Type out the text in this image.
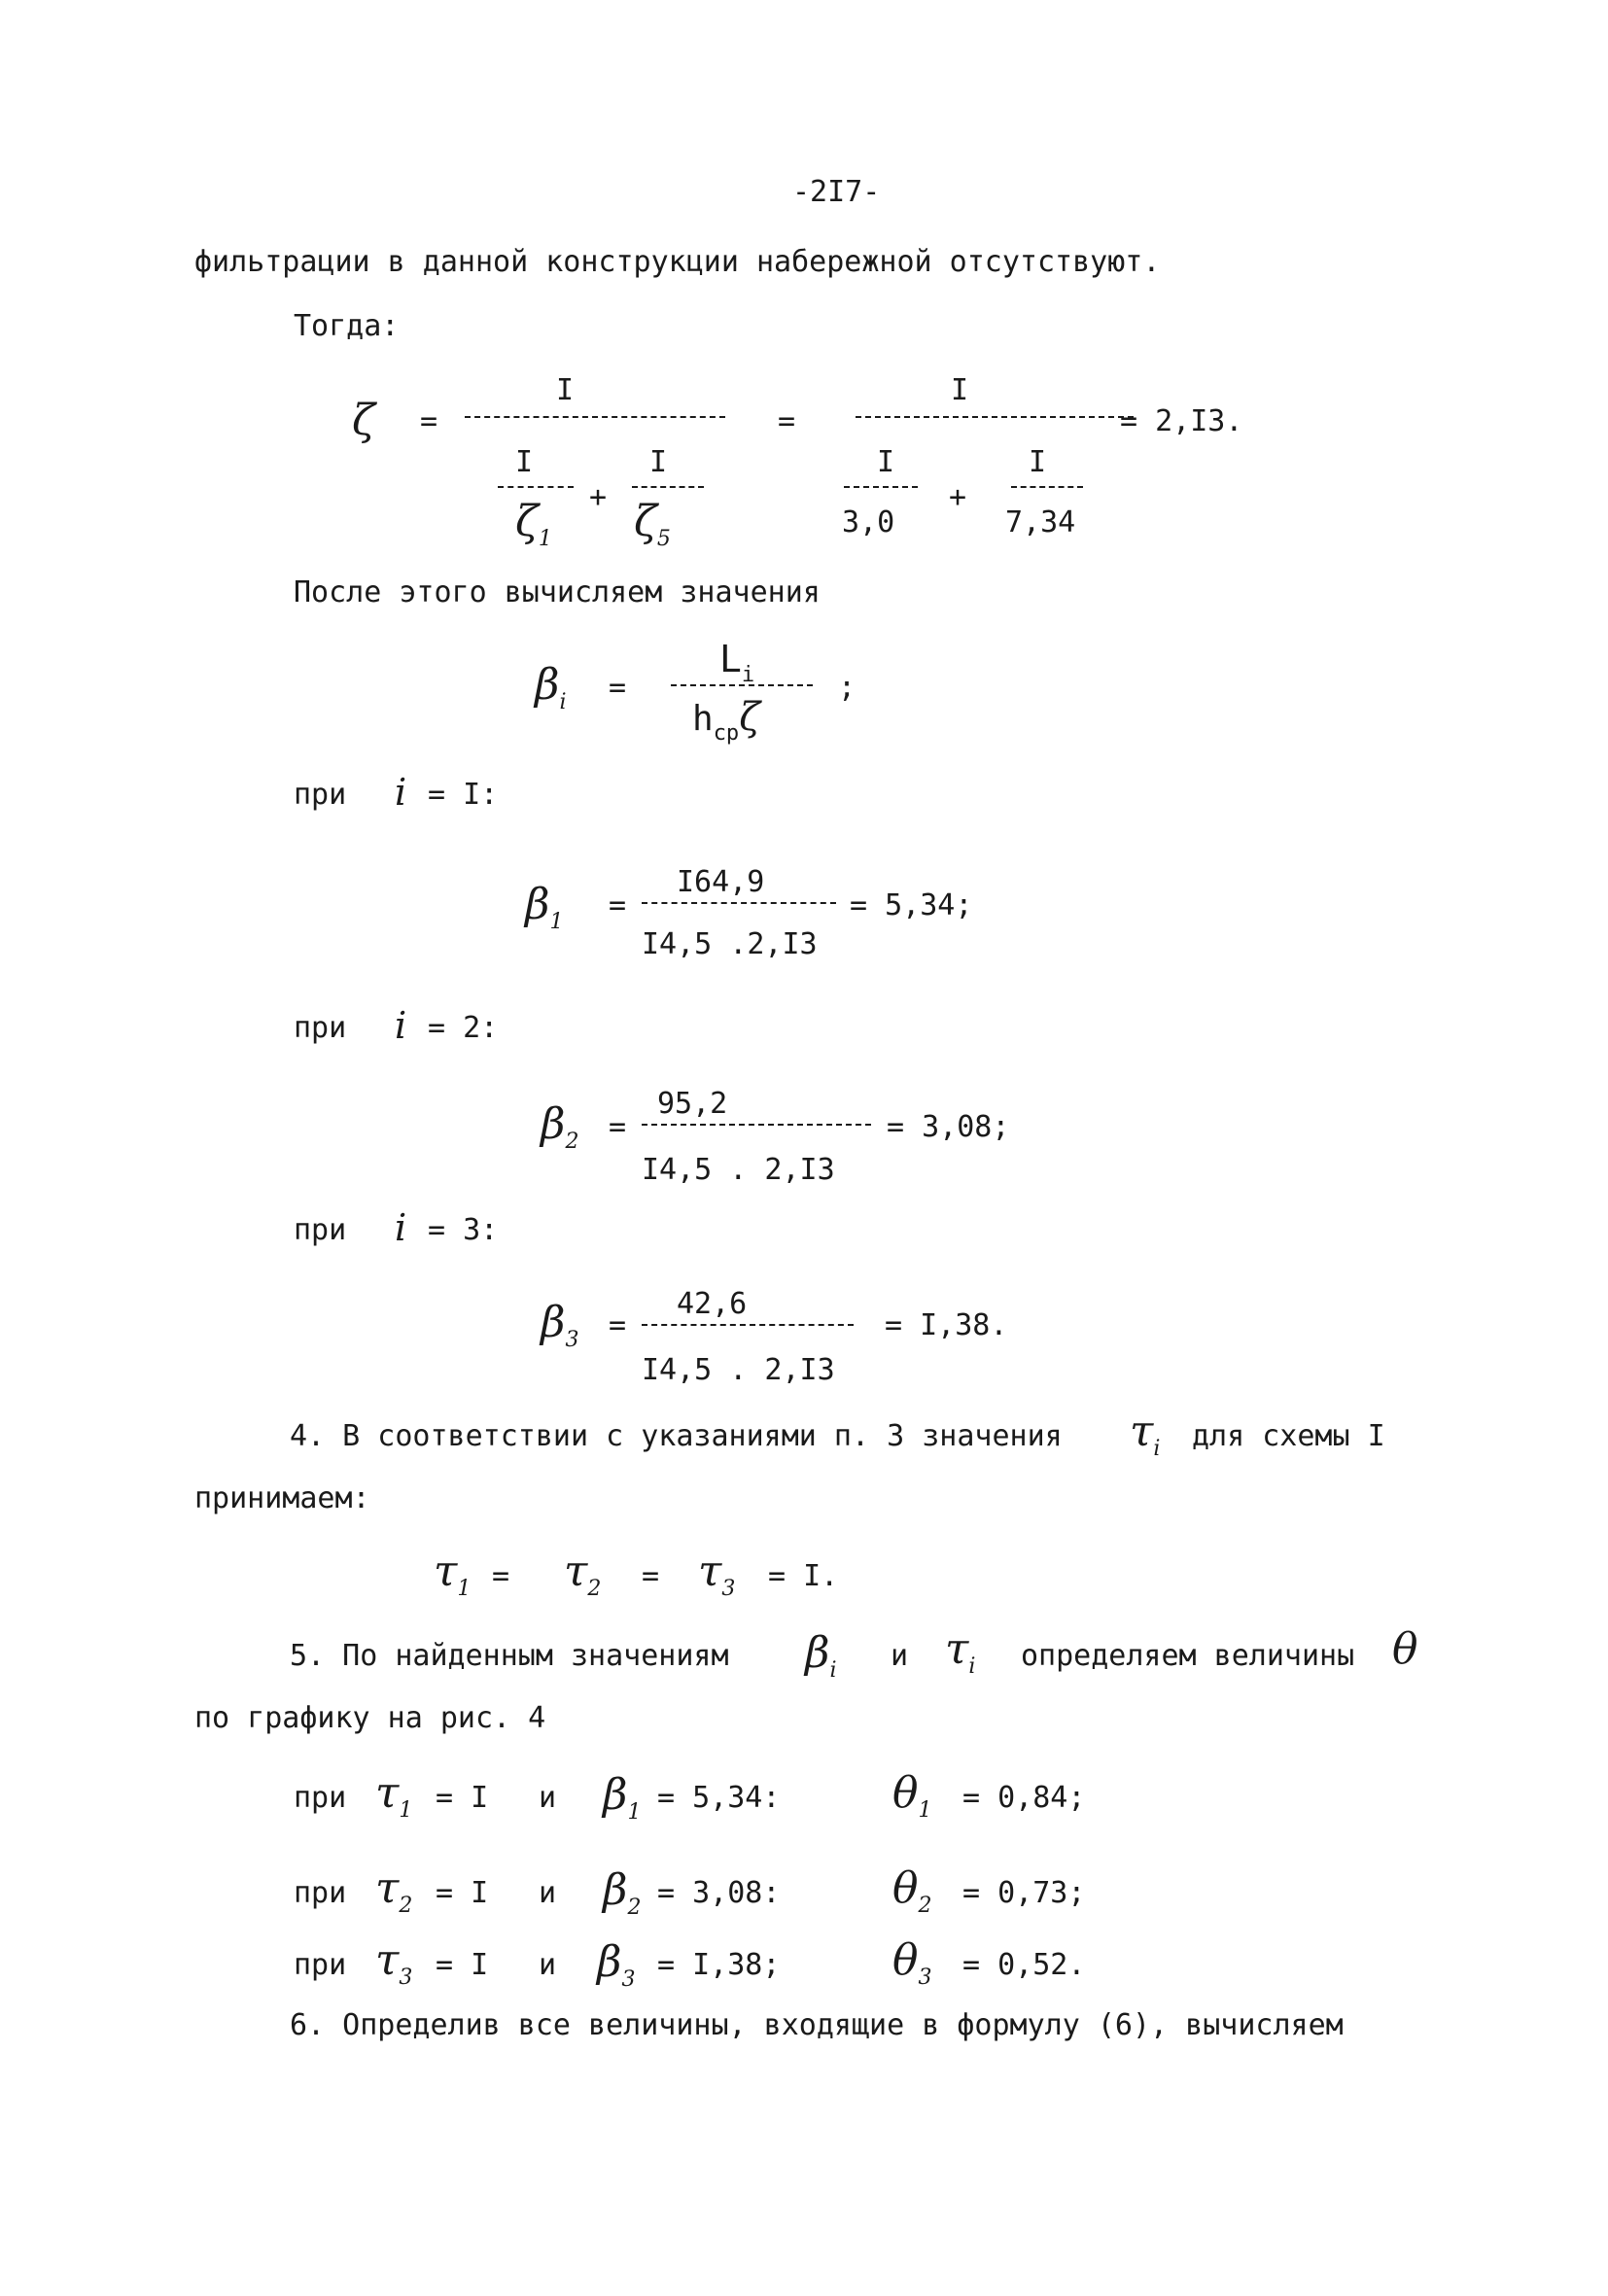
-2I7-
фильтрации в данной конструкции набережной отсутствуют.
Тогда:
ζ =
I
I
$\zeta_1$
+
I
$\zeta_5$
=
I
I
3,0
+
I
7,34
= 2,I3.
После этого вычисляем значения
$\beta_i$ =
$L_i$
$h_{cp}\zeta$
;
при i = I:
$\beta_1$ =
I64,9
I4,5 .2,I3
= 5,34;
при i = 2:
$\beta_2$ =
95,2
I4,5 . 2,I3
= 3,08;
при i = 3:
$\beta_3$ =
42,6
I4,5 . 2,I3
= I,38.
4. В соответствии с указаниями п. 3 значения $\tau_i$ для схемы I
принимаем:
$\tau_1 = \tau_2 = \tau_3 = I$.
5. По найденным значениям $\beta_i$ и $\tau_i$ определяем величины θ
по графику на рис. 4
при $\tau_1 = I$ и $\beta_1 = 5,34$:	$\theta_1 = 0,84$;
при $\tau_2 = I$ и $\beta_2 = 3,08$:	$\theta_2 = 0,73$;
при $\tau_3 = I$ и $\beta_3 = I,38$;	$\theta_3 = 0,52$.
6. Определив все величины, входящие в формулу (6), вычисляем
